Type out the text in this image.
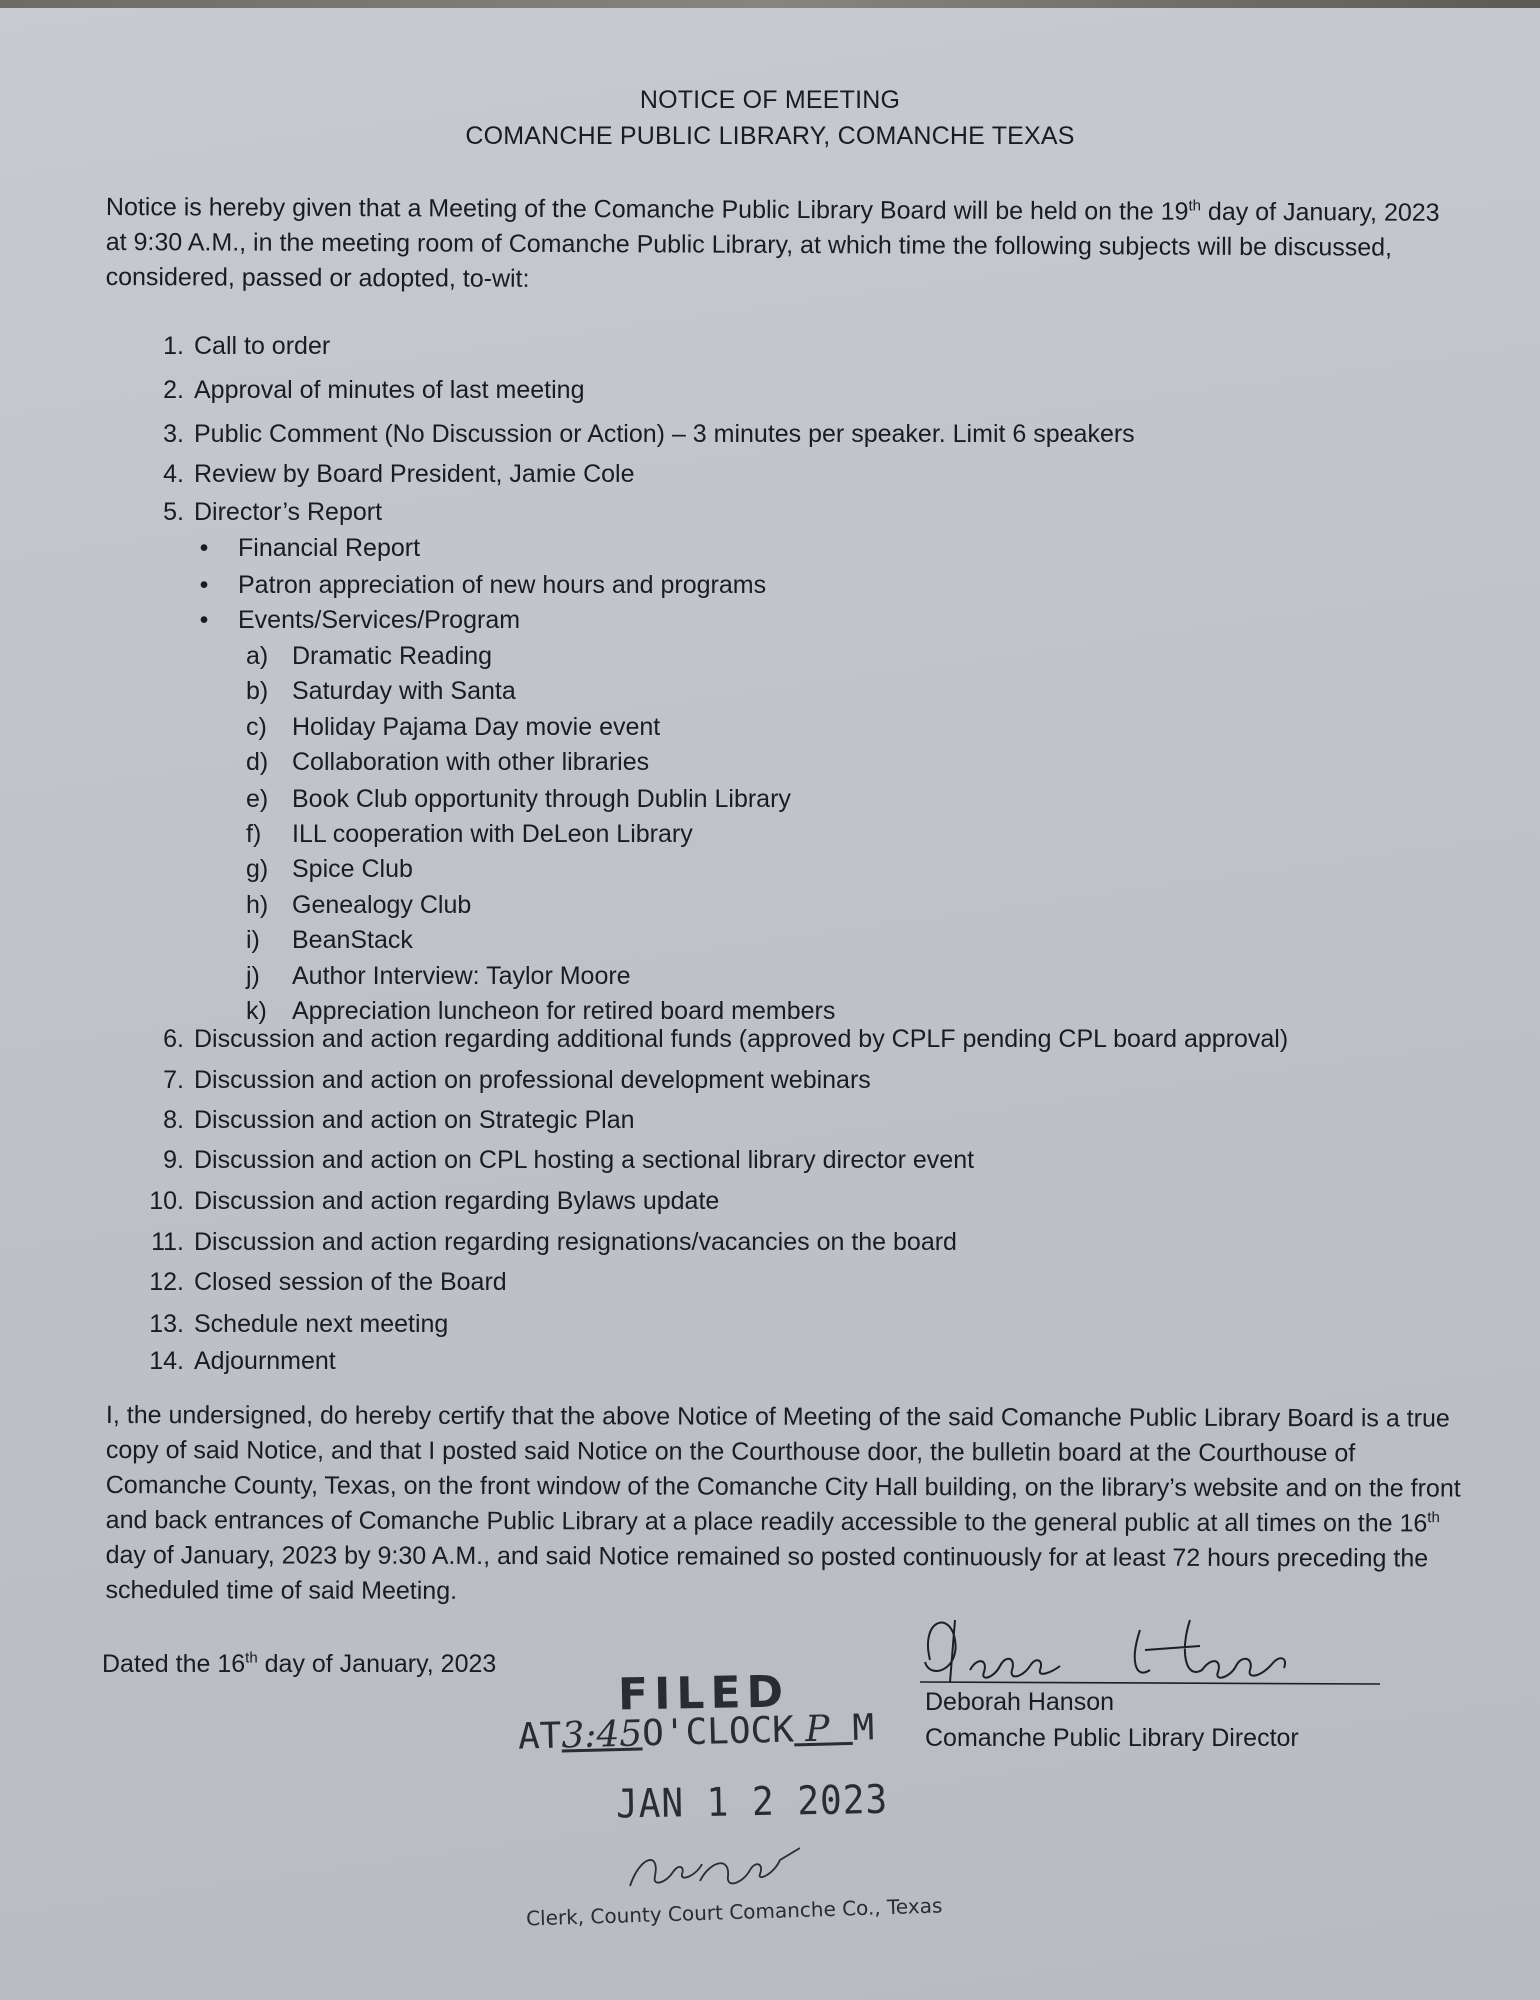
NOTICE OF MEETING
COMANCHE PUBLIC LIBRARY, COMANCHE TEXAS

Notice is hereby given that a Meeting of the Comanche Public Library Board will be held on the 19th day of January, 2023 at 9:30 A.M., in the meeting room of Comanche Public Library, at which time the following subjects will be discussed, considered, passed or adopted, to-wit:

1. Call to order
2. Approval of minutes of last meeting
3. Public Comment (No Discussion or Action) – 3 minutes per speaker. Limit 6 speakers
4. Review by Board President, Jamie Cole
5. Director’s Report
• Financial Report
• Patron appreciation of new hours and programs
• Events/Services/Program
a) Dramatic Reading
b) Saturday with Santa
c) Holiday Pajama Day movie event
d) Collaboration with other libraries
e) Book Club opportunity through Dublin Library
f) ILL cooperation with DeLeon Library
g) Spice Club
h) Genealogy Club
i) BeanStack
j) Author Interview: Taylor Moore
k) Appreciation luncheon for retired board members
6. Discussion and action regarding additional funds (approved by CPLF pending CPL board approval)
7. Discussion and action on professional development webinars
8. Discussion and action on Strategic Plan
9. Discussion and action on CPL hosting a sectional library director event
10. Discussion and action regarding Bylaws update
11. Discussion and action regarding resignations/vacancies on the board
12. Closed session of the Board
13. Schedule next meeting
14. Adjournment

I, the undersigned, do hereby certify that the above Notice of Meeting of the said Comanche Public Library Board is a true copy of said Notice, and that I posted said Notice on the Courthouse door, the bulletin board at the Courthouse of Comanche County, Texas, on the front window of the Comanche City Hall building, on the library’s website and on the front and back entrances of Comanche Public Library at a place readily accessible to the general public at all times on the 16th day of January, 2023 by 9:30 A.M., and said Notice remained so posted continuously for at least 72 hours preceding the scheduled time of said Meeting.

Dated the 16th day of January, 2023
Deborah Hanson
Deborah Hanson
Comanche Public Library Director
FILED
AT3:45O'CLOCK P M
JAN 1 2 2023
Clerk, County Court Comanche Co., Texas
